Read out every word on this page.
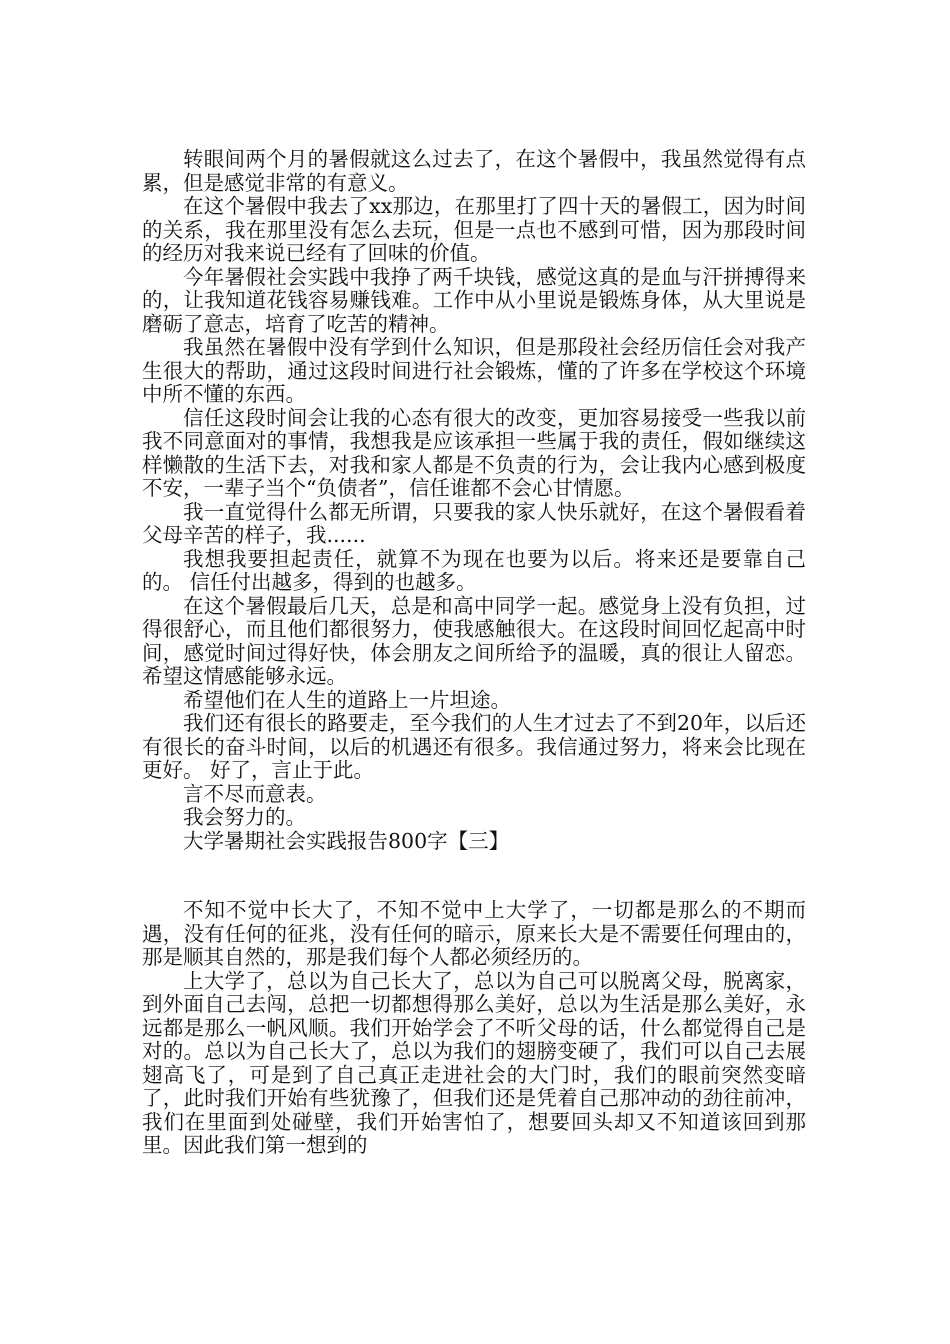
转眼间两个月的暑假就这么过去了，在这个暑假中，我虽然觉得有点累，但是感觉非常的有意义。

在这个暑假中我去了xx那边，在那里打了四十天的暑假工，因为时间的关系，我在那里没有怎么去玩，但是一点也不感到可惜，因为那段时间的经历对我来说已经有了回味的价值。

今年暑假社会实践中我挣了两千块钱，感觉这真的是血与汗拼搏得来的，让我知道花钱容易赚钱难。工作中从小里说是锻炼身体，从大里说是磨砺了意志，培育了吃苦的精神。

我虽然在暑假中没有学到什么知识，但是那段社会经历信任会对我产生很大的帮助，通过这段时间进行社会锻炼，懂的了许多在学校这个环境中所不懂的东西。

信任这段时间会让我的心态有很大的改变，更加容易接受一些我以前我不同意面对的事情，我想我是应该承担一些属于我的责任，假如继续这样懒散的生活下去，对我和家人都是不负责的行为，会让我内心感到极度不安，一辈子当个“负债者”，信任谁都不会心甘情愿。

我一直觉得什么都无所谓，只要我的家人快乐就好，在这个暑假看着父母辛苦的样子，我......

我想我要担起责任，就算不为现在也要为以后。将来还是要靠自己的。 信任付出越多，得到的也越多。

在这个暑假最后几天，总是和高中同学一起。感觉身上没有负担，过得很舒心，而且他们都很努力，使我感触很大。在这段时间回忆起高中时间，感觉时间过得好快，体会朋友之间所给予的温暖，真的很让人留恋。希望这情感能够永远。

希望他们在人生的道路上一片坦途。

我们还有很长的路要走，至今我们的人生才过去了不到20年，以后还有很长的奋斗时间，以后的机遇还有很多。我信通过努力，将来会比现在更好。 好了，言止于此。

言不尽而意表。

我会努力的。

大学暑期社会实践报告800字【三】

不知不觉中长大了，不知不觉中上大学了，一切都是那么的不期而遇，没有任何的征兆，没有任何的暗示，原来长大是不需要任何理由的，那是顺其自然的，那是我们每个人都必须经历的。

上大学了，总以为自己长大了，总以为自己可以脱离父母，脱离家，到外面自己去闯，总把一切都想得那么美好，总以为生活是那么美好，永远都是那么一帆风顺。我们开始学会了不听父母的话，什么都觉得自己是对的。总以为自己长大了，总以为我们的翅膀变硬了，我们可以自己去展翅高飞了，可是到了自己真正走进社会的大门时，我们的眼前突然变暗了，此时我们开始有些犹豫了，但我们还是凭着自己那冲动的劲往前冲，我们在里面到处碰壁，我们开始害怕了，想要回头却又不知道该回到那里。因此我们第一想到的
